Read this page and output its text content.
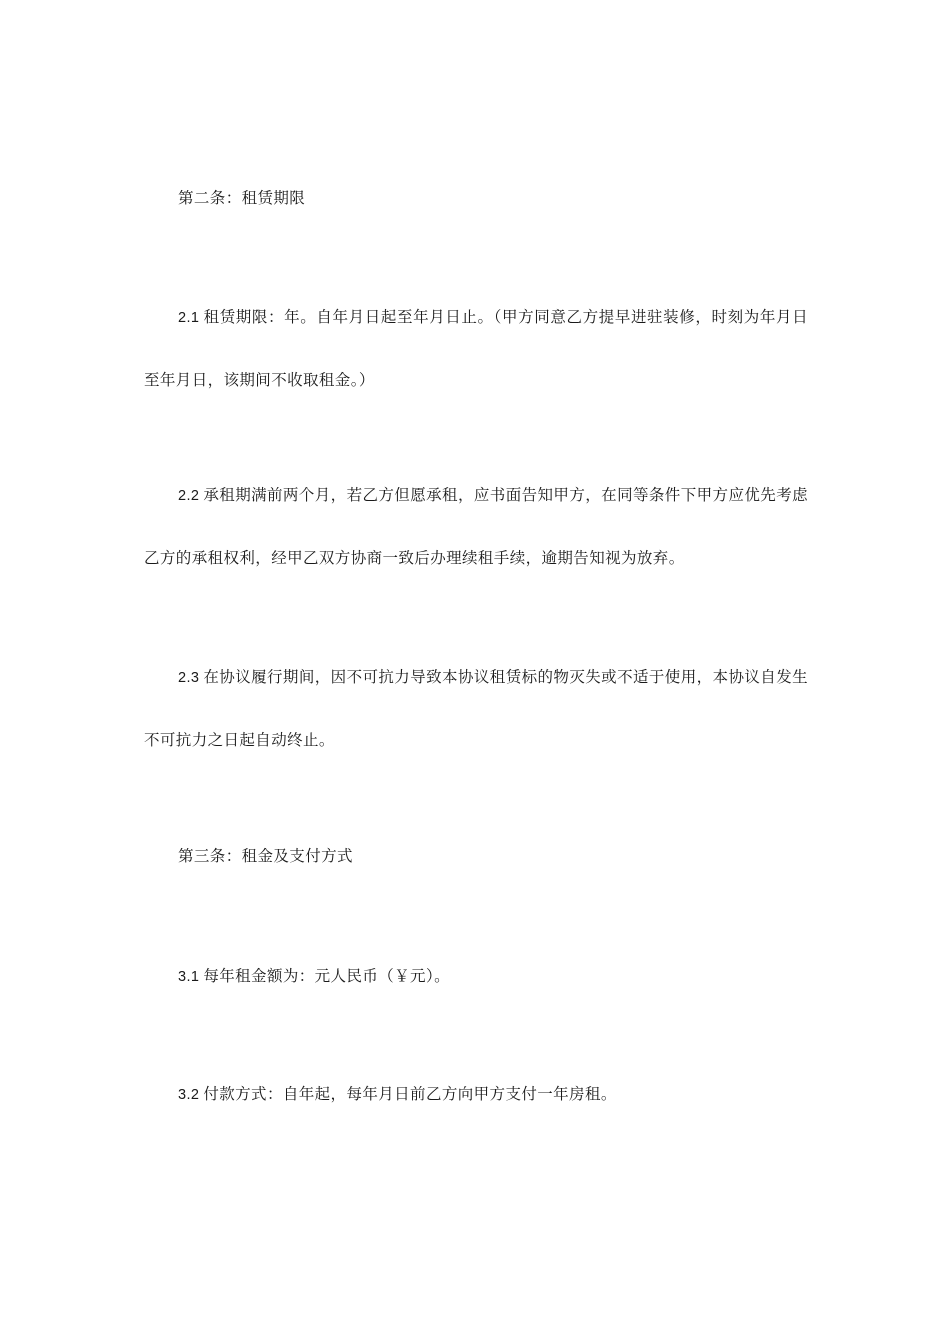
第二条：租赁期限

2.1 租赁期限：年。自年月日起至年月日止。（甲方同意乙方提早进驻装修，时刻为年月日至年月日，该期间不收取租金。）

2.2 承租期满前两个月，若乙方但愿承租，应书面告知甲方，在同等条件下甲方应优先考虑乙方的承租权利，经甲乙双方协商一致后办理续租手续，逾期告知视为放弃。

2.3 在协议履行期间，因不可抗力导致本协议租赁标的物灭失或不适于使用，本协议自发生不可抗力之日起自动终止。

第三条：租金及支付方式

3.1 每年租金额为：元人民币（￥元）。

3.2 付款方式：自年起，每年月日前乙方向甲方支付一年房租。
